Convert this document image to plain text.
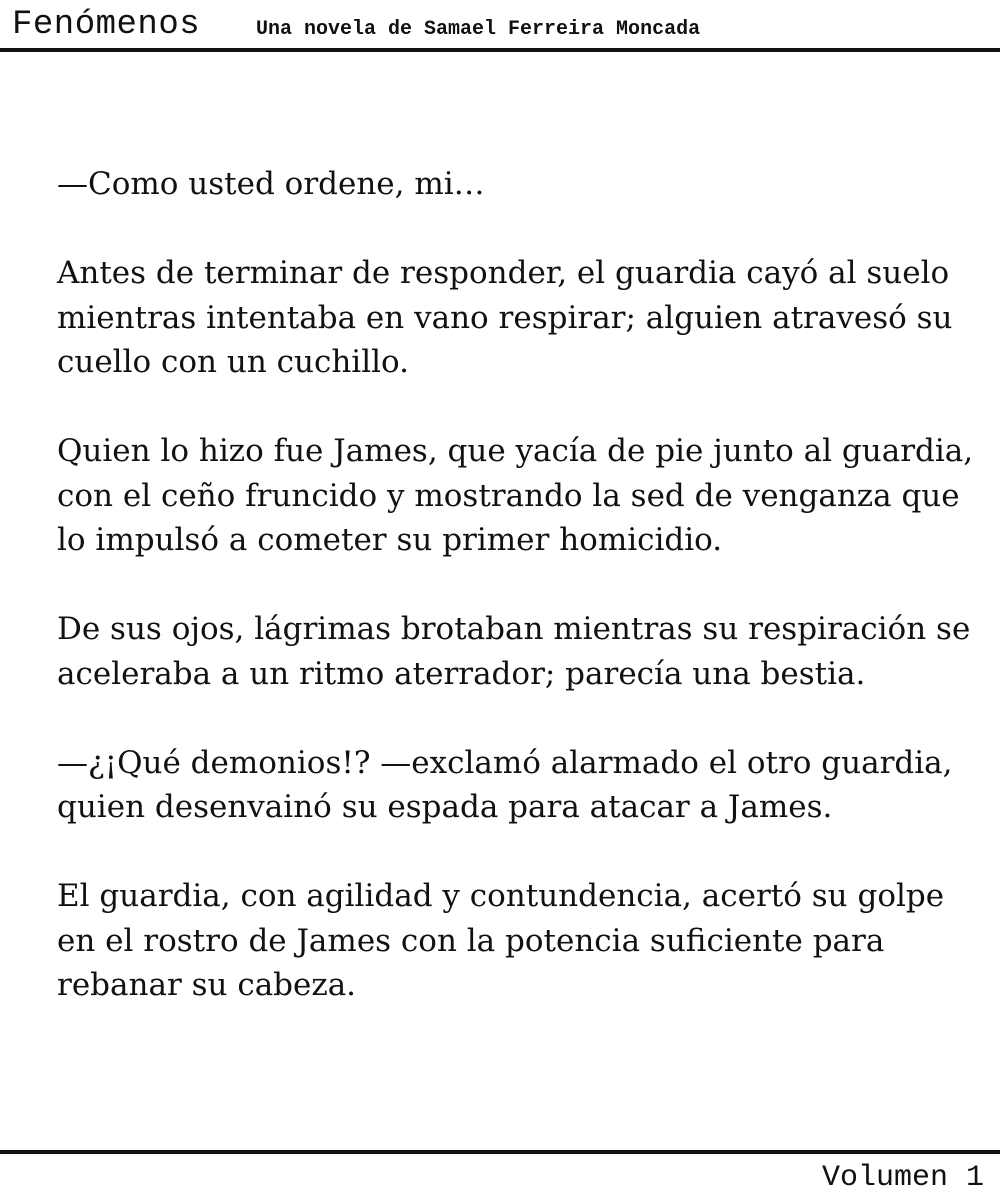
Fenómenos	Una novela de Samael Ferreira Moncada

—Como usted ordene, mi…

Antes de terminar de responder, el guardia cayó al suelo mientras intentaba en vano respirar; alguien atravesó su cuello con un cuchillo.

Quien lo hizo fue James, que yacía de pie junto al guardia, con el ceño fruncido y mostrando la sed de venganza que lo impulsó a cometer su primer homicidio.

De sus ojos, lágrimas brotaban mientras su respiración se aceleraba a un ritmo aterrador; parecía una bestia.

—¿¡Qué demonios!? —exclamó alarmado el otro guardia, quien desenvainó su espada para atacar a James.

El guardia, con agilidad y contundencia, acertó su golpe en el rostro de James con la potencia suficiente para rebanar su cabeza.

Volumen 1
